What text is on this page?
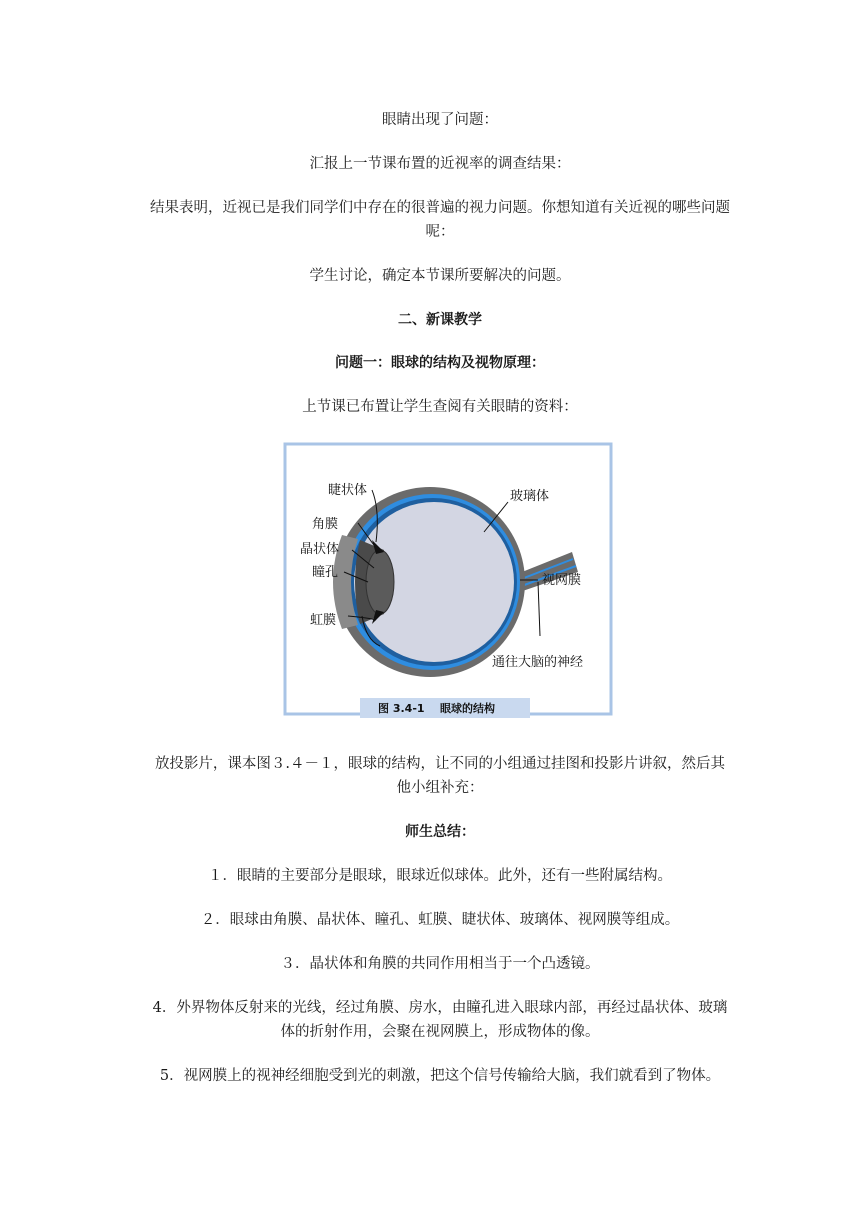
眼睛出现了问题：

汇报上一节课布置的近视率的调查结果：

结果表明，近视已是我们同学们中存在的很普遍的视力问题。你想知道有关近视的哪些问题呢：

学生讨论，确定本节课所要解决的问题。

二、新课教学

问题一：眼球的结构及视物原理：

上节课已布置让学生查阅有关眼睛的资料：

睫状体
角膜
晶状体
瞳孔
虹膜
玻璃体
视网膜
通往大脑的神经
图 3.4-1 眼球的结构

放投影片，课本图３.４－１，眼球的结构，让不同的小组通过挂图和投影片讲叙，然后其他小组补充：

师生总结：

１．眼睛的主要部分是眼球，眼球近似球体。此外，还有一些附属结构。

２．眼球由角膜、晶状体、瞳孔、虹膜、睫状体、玻璃体、视网膜等组成。

３．晶状体和角膜的共同作用相当于一个凸透镜。

4．外界物体反射来的光线，经过角膜、房水，由瞳孔进入眼球内部，再经过晶状体、玻璃体的折射作用，会聚在视网膜上，形成物体的像。

5．视网膜上的视神经细胞受到光的刺激，把这个信号传输给大脑，我们就看到了物体。
